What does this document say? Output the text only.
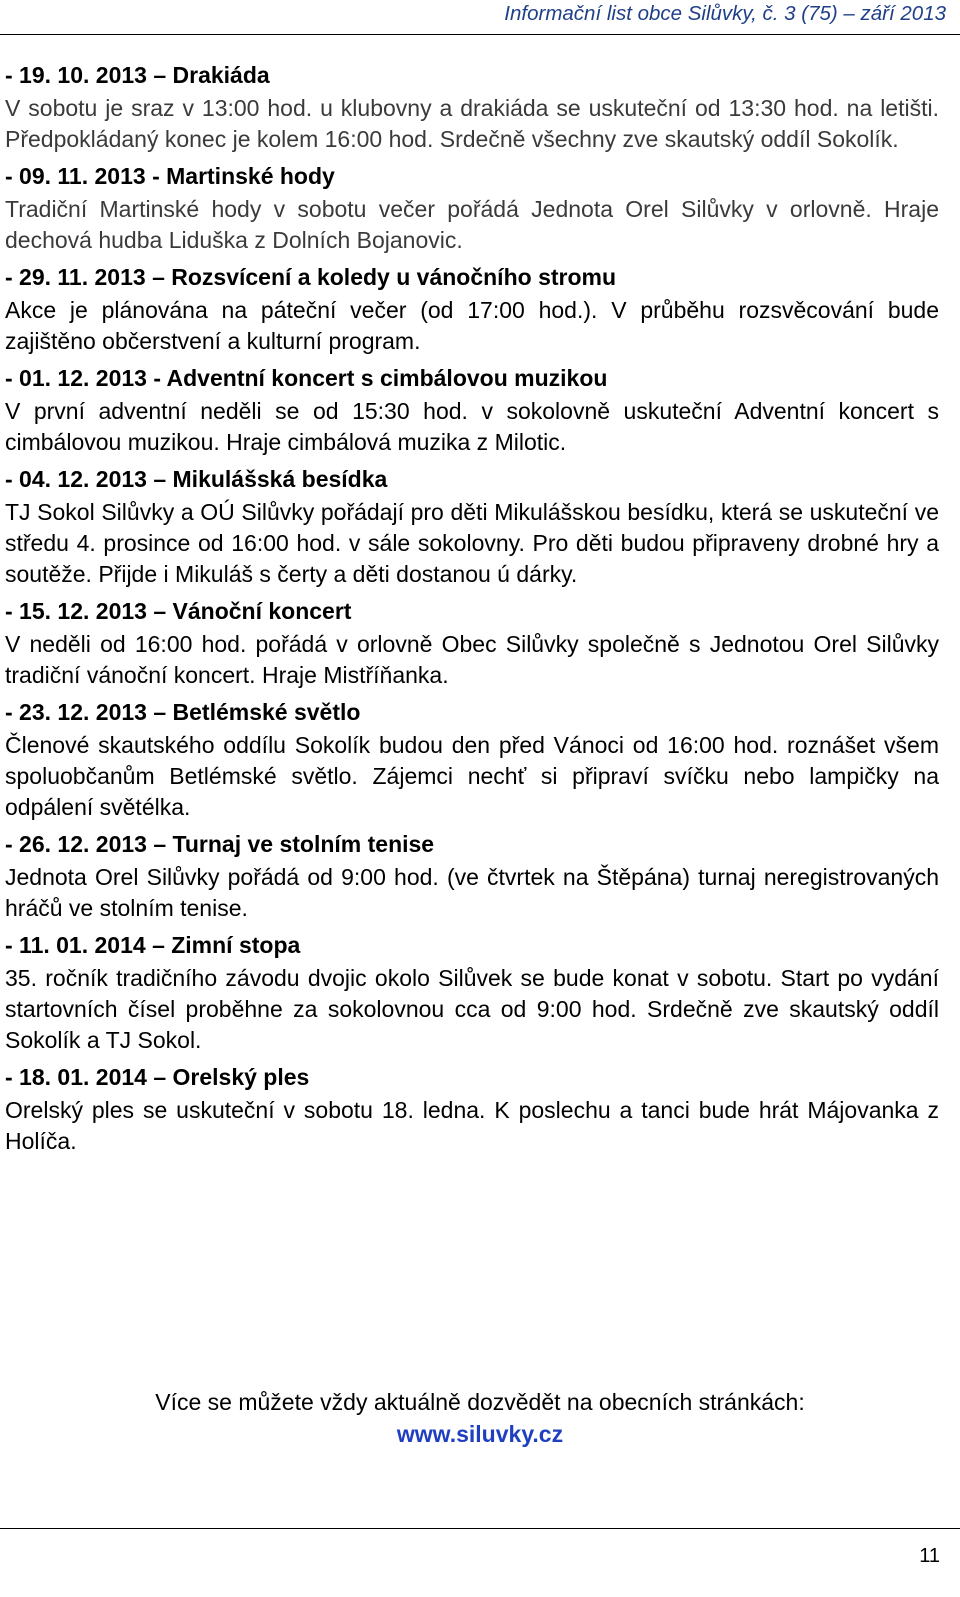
Informační list obce Silůvky, č. 3 (75) – září 2013

- 19. 10. 2013 – Drakiáda

V sobotu je sraz v 13:00 hod. u klubovny a drakiáda se uskuteční od 13:30 hod. na letišti. Předpokládaný konec je kolem 16:00 hod. Srdečně všechny zve skautský oddíl Sokolík.

- 09. 11. 2013 - Martinské hody

Tradiční Martinské hody v sobotu večer pořádá Jednota Orel Silůvky v orlovně. Hraje dechová hudba Liduška z Dolních Bojanovic.

- 29. 11. 2013 – Rozsvícení a koledy u vánočního stromu

Akce je plánována na páteční večer (od 17:00 hod.). V průběhu rozsvěcování bude zajištěno občerstvení a kulturní program.

- 01. 12. 2013 - Adventní koncert s cimbálovou muzikou

V první adventní neděli se od 15:30 hod. v sokolovně uskuteční Adventní koncert s cimbálovou muzikou. Hraje cimbálová muzika z Milotic.

- 04. 12. 2013 – Mikulášská besídka

TJ Sokol Silůvky a OÚ Silůvky pořádají pro děti Mikulášskou besídku, která se uskuteční ve středu 4. prosince od 16:00 hod. v sále sokolovny. Pro děti budou připraveny drobné hry a soutěže. Přijde i Mikuláš s čerty a děti dostanou ú dárky.

- 15. 12. 2013 – Vánoční koncert

V neděli od 16:00 hod. pořádá v orlovně Obec Silůvky společně s Jednotou Orel Silůvky tradiční vánoční koncert. Hraje Mistříňanka.

- 23. 12. 2013 – Betlémské světlo

Členové skautského oddílu Sokolík budou den před Vánoci od 16:00 hod. roznášet všem spoluobčanům Betlémské světlo. Zájemci nechť si připraví svíčku nebo lampičky na odpálení světélka.

- 26. 12. 2013 – Turnaj ve stolním tenise

Jednota Orel Silůvky pořádá od 9:00 hod. (ve čtvrtek na Štěpána) turnaj neregistrovaných hráčů ve stolním tenise.

- 11. 01. 2014 – Zimní stopa

35. ročník tradičního závodu dvojic okolo Silůvek se bude konat v sobotu. Start po vydání startovních čísel proběhne za sokolovnou cca od 9:00 hod. Srdečně zve skautský oddíl Sokolík a TJ Sokol.

- 18. 01. 2014 – Orelský ples

Orelský ples se uskuteční v sobotu 18. ledna. K poslechu a tanci bude hrát Májovanka z Holíča.

Více se můžete vždy aktuálně dozvědět na obecních stránkách:
www.siluvky.cz
11
